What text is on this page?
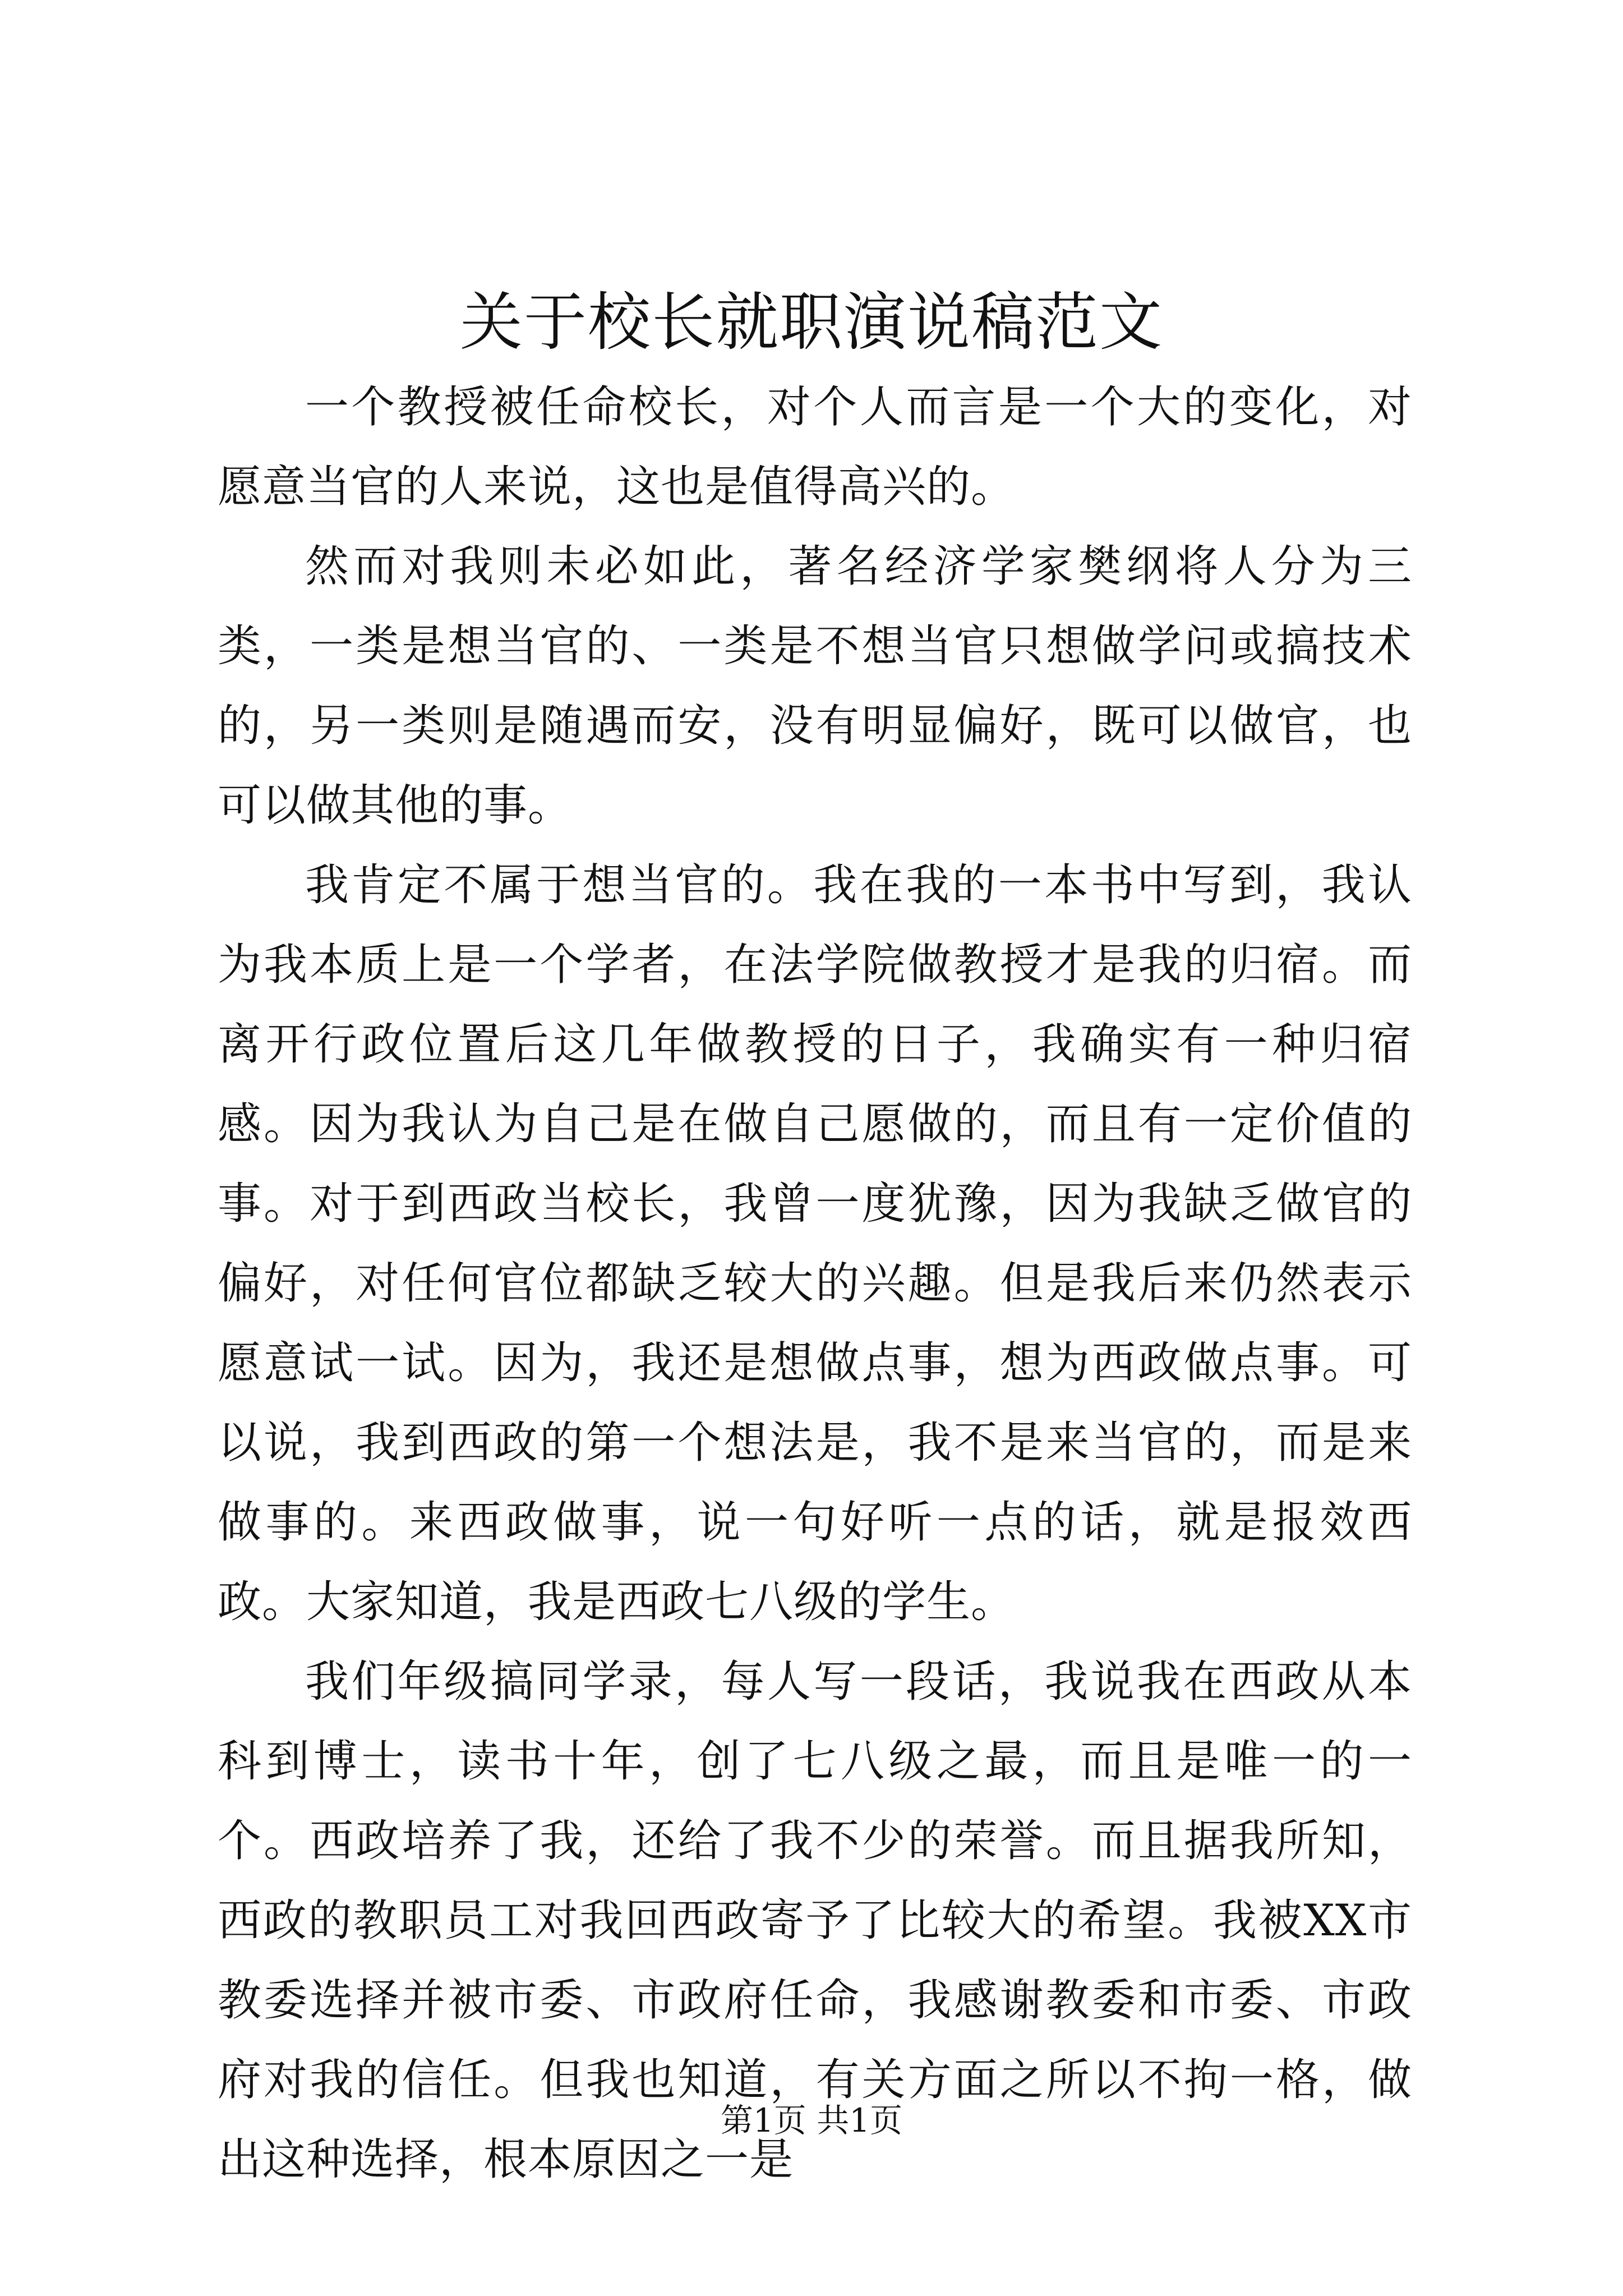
关于校长就职演说稿范文

一个教授被任命校长，对个人而言是一个大的变化，对愿意当官的人来说，这也是值得高兴的。

然而对我则未必如此，著名经济学家樊纲将人分为三类，一类是想当官的、一类是不想当官只想做学问或搞技术的，另一类则是随遇而安，没有明显偏好，既可以做官，也可以做其他的事。

我肯定不属于想当官的。我在我的一本书中写到，我认为我本质上是一个学者，在法学院做教授才是我的归宿。而离开行政位置后这几年做教授的日子，我确实有一种归宿感。因为我认为自己是在做自己愿做的，而且有一定价值的事。对于到西政当校长，我曾一度犹豫，因为我缺乏做官的偏好，对任何官位都缺乏较大的兴趣。但是我后来仍然表示愿意试一试。因为，我还是想做点事，想为西政做点事。可以说，我到西政的第一个想法是，我不是来当官的，而是来做事的。来西政做事，说一句好听一点的话，就是报效西政。大家知道，我是西政七八级的学生。

我们年级搞同学录，每人写一段话，我说我在西政从本科到博士，读书十年，创了七八级之最，而且是唯一的一个。西政培养了我，还给了我不少的荣誉。而且据我所知，西政的教职员工对我回西政寄予了比较大的希望。我被XX市教委选择并被市委、市政府任命，我感谢教委和市委、市政府对我的信任。但我也知道，有关方面之所以不拘一格，做出这种选择，根本原因之一是

第1页 共1页
